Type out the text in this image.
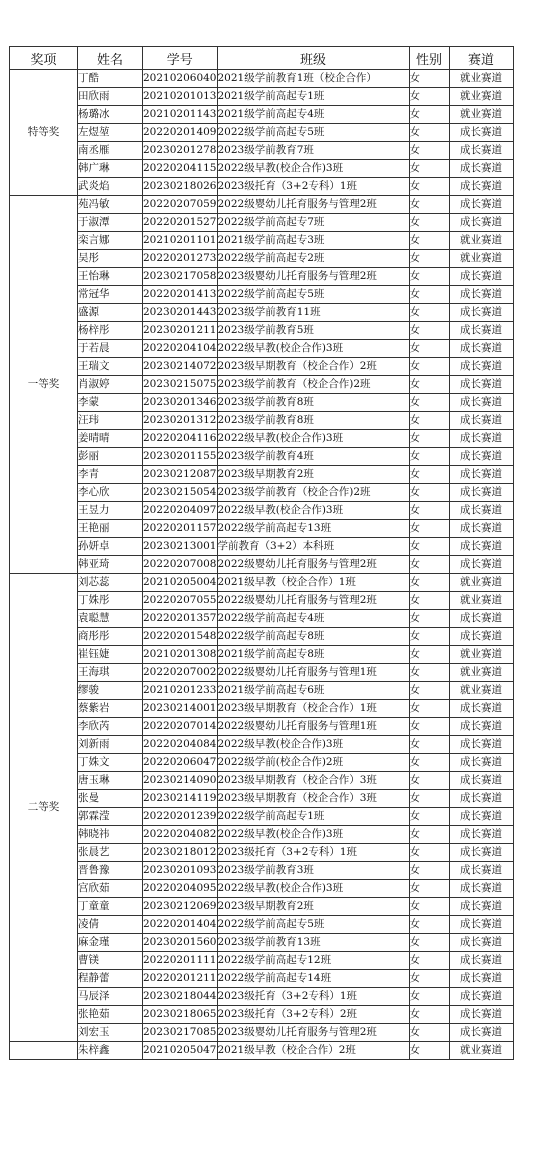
奖项	姓名	学号	班级	性别	赛道
特等奖	丁酷	20210206040	2021级学前教育1班（校企合作）	女	就业赛道
	田欣雨	20210201013	2021级学前高起专1班	女	就业赛道
	杨璐冰	20210201143	2021级学前高起专4班	女	就业赛道
	左煜堃	20220201409	2022级学前高起专5班	女	成长赛道
	南丞雁	20230201278	2023级学前教育7班	女	成长赛道
	韩广琳	20220204115	2022级早教(校企合作)3班	女	成长赛道
	武炎焰	20230218026	2023级托育（3+2专科）1班	女	成长赛道
一等奖	苑冯敏	20220207059	2022级婴幼儿托育服务与管理2班	女	成长赛道
	于淑潭	20220201527	2022级学前高起专7班	女	成长赛道
	栾言娜	20210201101	2021级学前高起专3班	女	就业赛道
	吴彤	20220201273	2022级学前高起专2班	女	就业赛道
	王怡琳	20230217058	2023级婴幼儿托育服务与管理2班	女	成长赛道
	常冠华	20220201413	2022级学前高起专5班	女	成长赛道
	盛源	20230201443	2023级学前教育11班	女	成长赛道
	杨梓彤	20230201211	2023级学前教育5班	女	成长赛道
	于若晨	20220204104	2022级早教(校企合作)3班	女	成长赛道
	王瑞文	20230214072	2023级早期教育（校企合作）2班	女	成长赛道
	肖淑婷	20230215075	2023级学前教育（校企合作)2班	女	成长赛道
	李蒙	20230201346	2023级学前教育8班	女	成长赛道
	汪玮	20230201312	2023级学前教育8班	女	成长赛道
	姜晴晴	20220204116	2022级早教(校企合作)3班	女	成长赛道
	彭丽	20230201155	2023级学前教育4班	女	成长赛道
	李青	20230212087	2023级早期教育2班	女	成长赛道
	李心欣	20230215054	2023级学前教育（校企合作)2班	女	成长赛道
	王昱力	20220204097	2022级早教(校企合作)3班	女	成长赛道
	王艳丽	20220201157	2022级学前高起专13班	女	成长赛道
	孙妍卓	20230213001	学前教育（3+2）本科班	女	成长赛道
	韩亚琦	20220207008	2022级婴幼儿托育服务与管理2班	女	成长赛道
二等奖	刘芯蕊	20210205004	2021级早教（校企合作）1班	女	就业赛道
	丁姝彤	20220207055	2022级婴幼儿托育服务与管理2班	女	就业赛道
	袁聪慧	20220201357	2022级学前高起专4班	女	成长赛道
	商彤彤	20220201548	2022级学前高起专8班	女	成长赛道
	崔钰婕	20210201308	2021级学前高起专8班	女	就业赛道
	王海琪	20220207002	2022级婴幼儿托育服务与管理1班	女	就业赛道
	缪骏	20210201233	2021级学前高起专6班	女	就业赛道
	蔡紫岩	20230214001	2023级早期教育（校企合作）1班	女	成长赛道
	李欣芮	20220207014	2022级婴幼儿托育服务与管理1班	女	成长赛道
	刘新雨	20220204084	2022级早教(校企合作)3班	女	成长赛道
	丁姝文	20220206047	2022级学前(校企合作)2班	女	成长赛道
	唐玉琳	20230214090	2023级早期教育（校企合作）3班	女	成长赛道
	张曼	20230214119	2023级早期教育（校企合作）3班	女	成长赛道
	郭霖滢	20220201239	2022级学前高起专1班	女	成长赛道
	韩晓祎	20220204082	2022级早教(校企合作)3班	女	成长赛道
	张晨艺	20230218012	2023级托育（3+2专科）1班	女	成长赛道
	晋鲁豫	20230201093	2023级学前教育3班	女	成长赛道
	宫欣茹	20220204095	2022级早教(校企合作)3班	女	成长赛道
	丁童童	20230212069	2023级早期教育2班	女	成长赛道
	凌倩	20220201404	2022级学前高起专5班	女	成长赛道
	麻金瑾	20230201560	2023级学前教育13班	女	成长赛道
	曹镁	20220201111	2022级学前高起专12班	女	成长赛道
	程静蕾	20220201211	2022级学前高起专14班	女	成长赛道
	马辰泽	20230218044	2023级托育（3+2专科）1班	女	成长赛道
	张艳茹	20230218065	2023级托育（3+2专科）2班	女	成长赛道
	刘宏玉	20230217085	2023级婴幼儿托育服务与管理2班	女	成长赛道
	朱梓鑫	20210205047	2021级早教（校企合作）2班	女	就业赛道
